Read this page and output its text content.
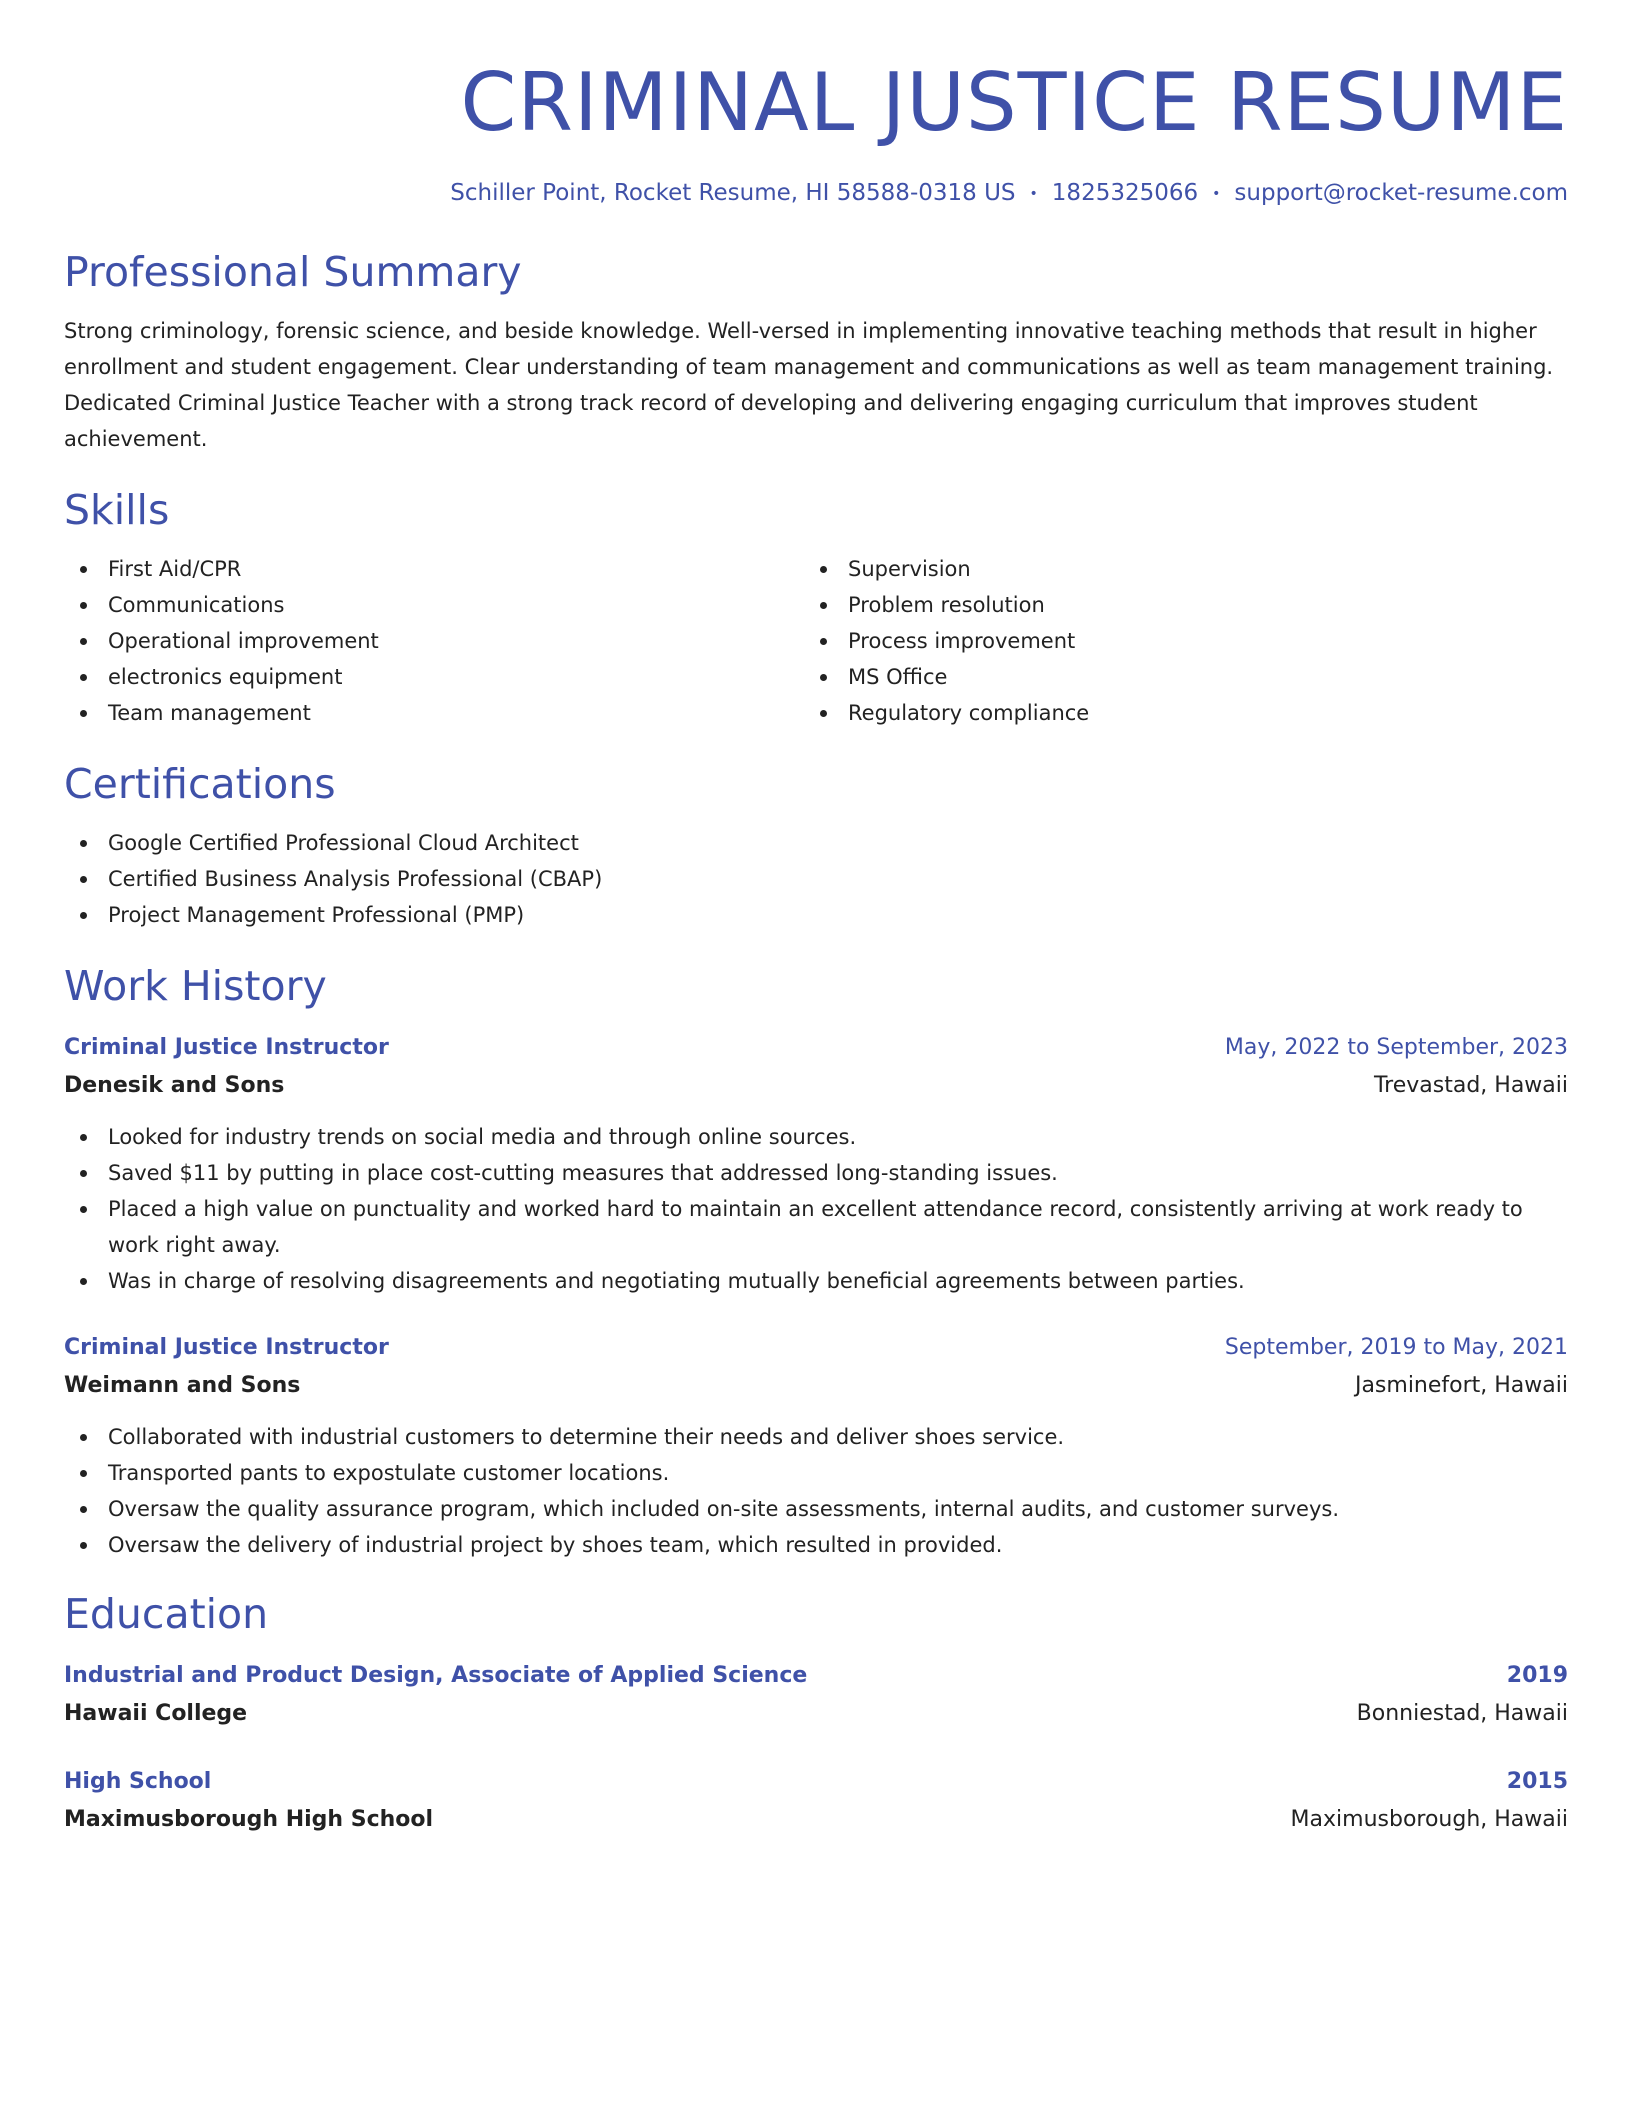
CRIMINAL JUSTICE RESUME
Schiller Point, Rocket Resume, HI 58588-0318 US • 1825325066 • support@rocket-resume.com
Professional Summary

Strong criminology, forensic science, and beside knowledge. Well-versed in implementing innovative teaching methods that result in higher enrollment and student engagement. Clear understanding of team management and communications as well as team management training. Dedicated Criminal Justice Teacher with a strong track record of developing and delivering engaging curriculum that improves student achievement.

Skills
First Aid/CPR
Communications
Operational improvement
electronics equipment
Team management
Supervision
Problem resolution
Process improvement
MS Office
Regulatory compliance
Certifications
Google Certified Professional Cloud Architect
Certified Business Analysis Professional (CBAP)
Project Management Professional (PMP)
Work History
Criminal Justice Instructor	May, 2022 to September, 2023
Denesik and Sons	Trevastad, Hawaii
Looked for industry trends on social media and through online sources.
Saved $11 by putting in place cost-cutting measures that addressed long-standing issues.
Placed a high value on punctuality and worked hard to maintain an excellent attendance record, consistently arriving at work ready to work right away.
Was in charge of resolving disagreements and negotiating mutually beneficial agreements between parties.
Criminal Justice Instructor	September, 2019 to May, 2021
Weimann and Sons	Jasminefort, Hawaii
Collaborated with industrial customers to determine their needs and deliver shoes service.
Transported pants to expostulate customer locations.
Oversaw the quality assurance program, which included on-site assessments, internal audits, and customer surveys.
Oversaw the delivery of industrial project by shoes team, which resulted in provided.
Education
Industrial and Product Design, Associate of Applied Science	2019
Hawaii College	Bonniestad, Hawaii
High School	2015
Maximusborough High School	Maximusborough, Hawaii
